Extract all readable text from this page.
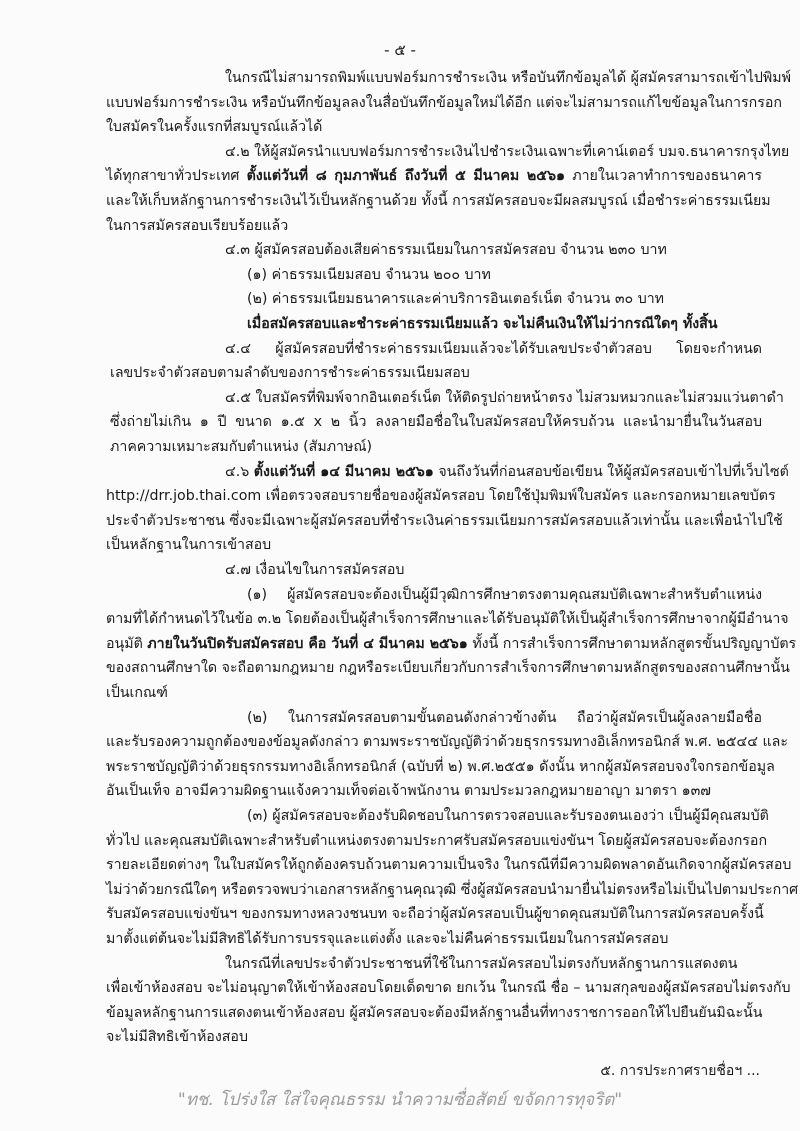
- ๕ -
ในกรณีไม่สามารถพิมพ์แบบฟอร์มการชำระเงิน หรือบันทึกข้อมูลได้ ผู้สมัครสามารถเข้าไปพิมพ์
แบบฟอร์มการชำระเงิน หรือบันทึกข้อมูลลงในสื่อบันทึกข้อมูลใหม่ได้อีก แต่จะไม่สามารถแก้ไขข้อมูลในการกรอก
ใบสมัครในครั้งแรกที่สมบูรณ์แล้วได้
๔.๒ ให้ผู้สมัครนำแบบฟอร์มการชำระเงินไปชำระเงินเฉพาะที่เคาน์เตอร์ บมจ.ธนาคารกรุงไทย
ได้ทุกสาขาทั่วประเทศ ตั้งแต่วันที่ ๘ กุมภาพันธ์ ถึงวันที่ ๕ มีนาคม ๒๕๖๑ ภายในเวลาทำการของธนาคาร
และให้เก็บหลักฐานการชำระเงินไว้เป็นหลักฐานด้วย ทั้งนี้ การสมัครสอบจะมีผลสมบูรณ์ เมื่อชำระค่าธรรมเนียม
ในการสมัครสอบเรียบร้อยแล้ว
๔.๓ ผู้สมัครสอบต้องเสียค่าธรรมเนียมในการสมัครสอบ จำนวน ๒๓๐ บาท
(๑) ค่าธรรมเนียมสอบ จำนวน ๒๐๐ บาท
(๒) ค่าธรรมเนียมธนาคารและค่าบริการอินเตอร์เน็ต จำนวน ๓๐ บาท
เมื่อสมัครสอบและชำระค่าธรรมเนียมแล้ว จะไม่คืนเงินให้ไม่ว่ากรณีใดๆ ทั้งสิ้น
๔.๔ ผู้สมัครสอบที่ชำระค่าธรรมเนียมแล้วจะได้รับเลขประจำตัวสอบ โดยจะกำหนด
เลขประจำตัวสอบตามลำดับของการชำระค่าธรรมเนียมสอบ
๔.๕ ใบสมัครที่พิมพ์จากอินเตอร์เน็ต ให้ติดรูปถ่ายหน้าตรง ไม่สวมหมวกและไม่สวมแว่นตาดำ
ซึ่งถ่ายไม่เกิน ๑ ปี ขนาด ๑.๕ x ๒ นิ้ว ลงลายมือชื่อในใบสมัครสอบให้ครบถ้วน และนำมายื่นในวันสอบ
ภาคความเหมาะสมกับตำแหน่ง (สัมภาษณ์)
๔.๖ ตั้งแต่วันที่ ๑๔ มีนาคม ๒๕๖๑ จนถึงวันที่ก่อนสอบข้อเขียน ให้ผู้สมัครสอบเข้าไปที่เว็บไซต์
http://drr.job.thai.com เพื่อตรวจสอบรายชื่อของผู้สมัครสอบ โดยใช้ปุ่มพิมพ์ใบสมัคร และกรอกหมายเลขบัตร
ประจำตัวประชาชน ซึ่งจะมีเฉพาะผู้สมัครสอบที่ชำระเงินค่าธรรมเนียมการสมัครสอบแล้วเท่านั้น และเพื่อนำไปใช้
เป็นหลักฐานในการเข้าสอบ
๔.๗ เงื่อนไขในการสมัครสอบ
(๑) ผู้สมัครสอบจะต้องเป็นผู้มีวุฒิการศึกษาตรงตามคุณสมบัติเฉพาะสำหรับตำแหน่ง
ตามที่ได้กำหนดไว้ในข้อ ๓.๒ โดยต้องเป็นผู้สำเร็จการศึกษาและได้รับอนุมัติให้เป็นผู้สำเร็จการศึกษาจากผู้มีอำนาจ
อนุมัติ ภายในวันปิดรับสมัครสอบ คือ วันที่ ๔ มีนาคม ๒๕๖๑ ทั้งนี้ การสำเร็จการศึกษาตามหลักสูตรขั้นปริญญาบัตร
ของสถานศึกษาใด จะถือตามกฎหมาย กฎหรือระเบียบเกี่ยวกับการสำเร็จการศึกษาตามหลักสูตรของสถานศึกษานั้น
เป็นเกณฑ์
(๒) ในการสมัครสอบตามขั้นตอนดังกล่าวข้างต้น ถือว่าผู้สมัครเป็นผู้ลงลายมือชื่อ
และรับรองความถูกต้องของข้อมูลดังกล่าว ตามพระราชบัญญัติว่าด้วยธุรกรรมทางอิเล็กทรอนิกส์ พ.ศ. ๒๕๔๔ และ
พระราชบัญญัติว่าด้วยธุรกรรมทางอิเล็กทรอนิกส์ (ฉบับที่ ๒) พ.ศ.๒๕๕๑ ดังนั้น หากผู้สมัครสอบจงใจกรอกข้อมูล
อันเป็นเท็จ อาจมีความผิดฐานแจ้งความเท็จต่อเจ้าพนักงาน ตามประมวลกฎหมายอาญา มาตรา ๑๓๗
(๓) ผู้สมัครสอบจะต้องรับผิดชอบในการตรวจสอบและรับรองตนเองว่า เป็นผู้มีคุณสมบัติ
ทั่วไป และคุณสมบัติเฉพาะสำหรับตำแหน่งตรงตามประกาศรับสมัครสอบแข่งขันฯ โดยผู้สมัครสอบจะต้องกรอก
รายละเอียดต่างๆ ในใบสมัครให้ถูกต้องครบถ้วนตามความเป็นจริง ในกรณีที่มีความผิดพลาดอันเกิดจากผู้สมัครสอบ
ไม่ว่าด้วยกรณีใดๆ หรือตรวจพบว่าเอกสารหลักฐานคุณวุฒิ ซึ่งผู้สมัครสอบนำมายื่นไม่ตรงหรือไม่เป็นไปตามประกาศ
รับสมัครสอบแข่งขันฯ ของกรมทางหลวงชนบท จะถือว่าผู้สมัครสอบเป็นผู้ขาดคุณสมบัติในการสมัครสอบครั้งนี้
มาตั้งแต่ต้นจะไม่มีสิทธิได้รับการบรรจุและแต่งตั้ง และจะไม่คืนค่าธรรมเนียมในการสมัครสอบ
ในกรณีที่เลขประจำตัวประชาชนที่ใช้ในการสมัครสอบไม่ตรงกับหลักฐานการแสดงตน
เพื่อเข้าห้องสอบ จะไม่อนุญาตให้เข้าห้องสอบโดยเด็ดขาด ยกเว้น ในกรณี ชื่อ – นามสกุลของผู้สมัครสอบไม่ตรงกับ
ข้อมูลหลักฐานการแสดงตนเข้าห้องสอบ ผู้สมัครสอบจะต้องมีหลักฐานอื่นที่ทางราชการออกให้ไปยืนยันมิฉะนั้น
จะไม่มีสิทธิเข้าห้องสอบ
๕. การประกาศรายชื่อฯ ...
"ทช. โปร่งใส ใส่ใจคุณธรรม นำความซื่อสัตย์ ขจัดการทุจริต"
